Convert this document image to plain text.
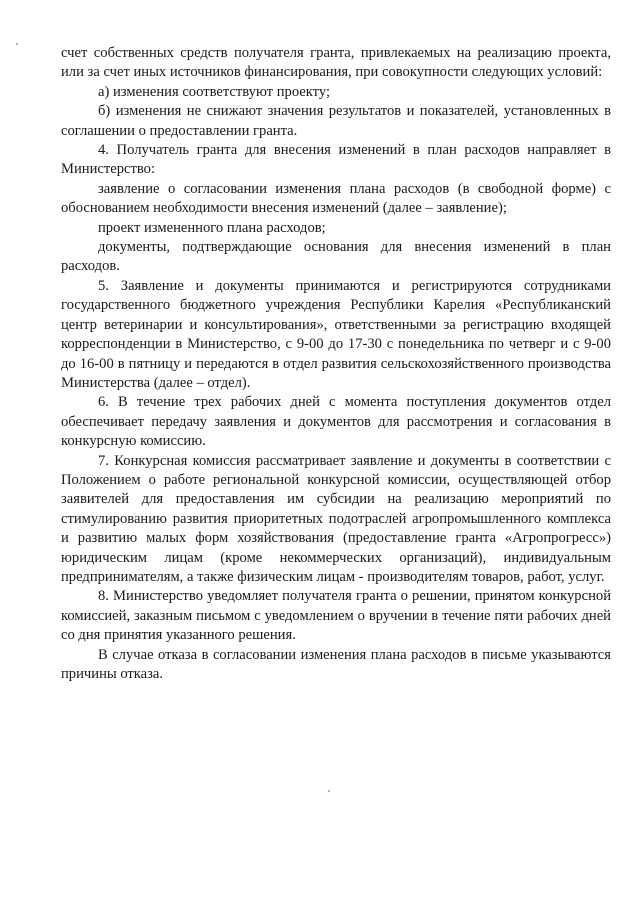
счет собственных средств получателя гранта, привлекаемых на реализацию проекта, или за счет иных источников финансирования, при совокупности следующих условий:

а) изменения соответствуют проекту;

б) изменения не снижают значения результатов и показателей, установленных в соглашении о предоставлении гранта.

4. Получатель гранта для внесения изменений в план расходов направляет в Министерство:

заявление о согласовании изменения плана расходов (в свободной форме) с обоснованием необходимости внесения изменений (далее – заявление);

проект измененного плана расходов;

документы, подтверждающие основания для внесения изменений в план расходов.

5. Заявление и документы принимаются и регистрируются сотрудниками государственного бюджетного учреждения Республики Карелия «Республиканский центр ветеринарии и консультирования», ответственными за регистрацию входящей корреспонденции в Министерство, с 9-00 до 17-30 с понедельника по четверг и с 9-00 до 16-00 в пятницу и передаются в отдел развития сельскохозяйственного производства Министерства (далее – отдел).

6. В течение трех рабочих дней с момента поступления документов отдел обеспечивает передачу заявления и документов для рассмотрения и согласования в конкурсную комиссию.

7. Конкурсная комиссия рассматривает заявление и документы в соответствии с Положением о работе региональной конкурсной комиссии, осуществляющей отбор заявителей для предоставления им субсидии на реализацию мероприятий по стимулированию развития приоритетных подотраслей агропромышленного комплекса и развитию малых форм хозяйствования (предоставление гранта «Агропрогресс») юридическим лицам (кроме некоммерческих организаций), индивидуальным предпринимателям, а также физическим лицам - производителям товаров, работ, услуг.

8. Министерство уведомляет получателя гранта о решении, принятом конкурсной комиссией, заказным письмом с уведомлением о вручении в течение пяти рабочих дней со дня принятия указанного решения.

В случае отказа в согласовании изменения плана расходов в письме указываются причины отказа.
